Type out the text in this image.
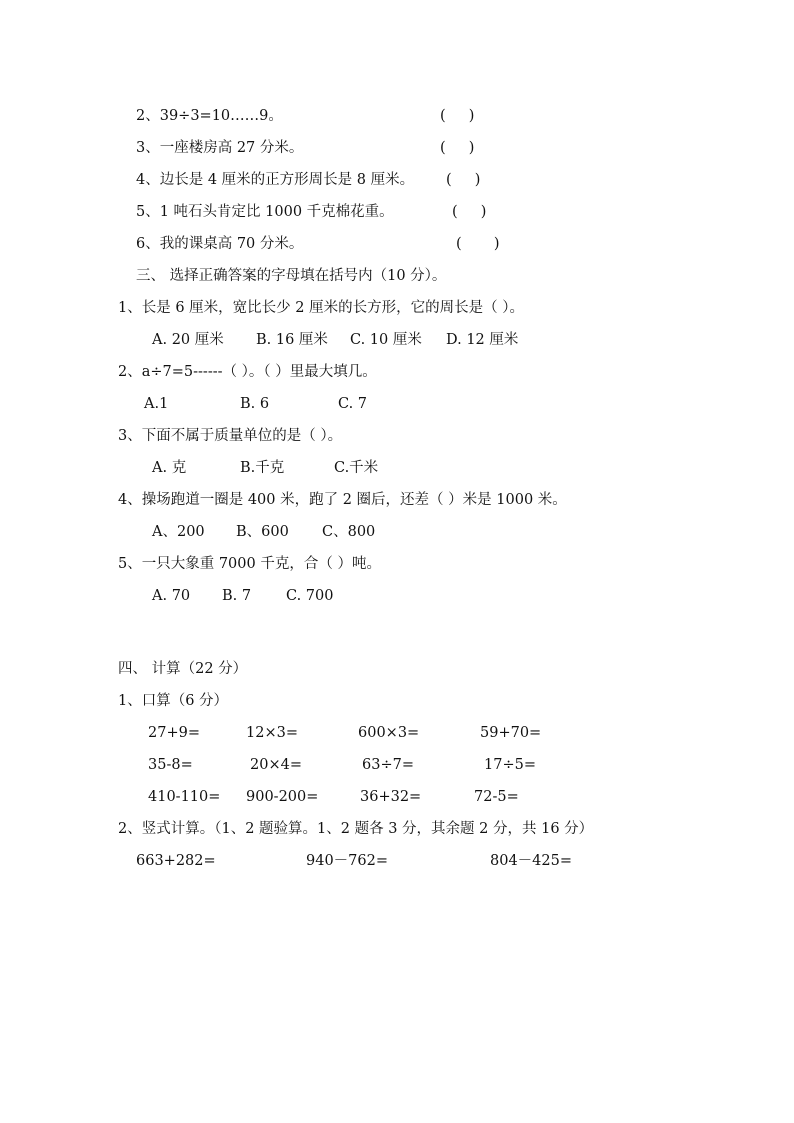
2、39÷3=10……9。	(     )
3、一座楼房高 27 分米。	(     )
4、边长是 4 厘米的正方形周长是 8 厘米。 (     )
5、1 吨石头肯定比 1000 千克棉花重。	(     )
6、我的课桌高 70 分米。	(       )
三、 选择正确答案的字母填在括号内（10 分）。
1、长是 6 厘米，宽比长少 2 厘米的长方形，它的周长是（ ）。
A. 20 厘米 B. 16 厘米 C. 10 厘米 D. 12 厘米
2、a÷7=5------（ ）。（ ）里最大填几。
A.1	B. 6	C. 7
3、下面不属于质量单位的是（ ）。
A. 克	B.千克	C.千米
4、操场跑道一圈是 400 米，跑了 2 圈后，还差（ ）米是 1000 米。
A、200 B、600 C、800
5、一只大象重 7000 千克，合（ ）吨。
A. 70 B. 7 C. 700
四、 计算（22 分）
1、口算（6 分）
27+9=	12×3=	600×3=	59+70=
35-8=	20×4=	63÷7=	17÷5=
410-110= 900-200=	36+32=	72-5=
2、竖式计算。（1、2 题验算。1、2 题各 3 分，其余题 2 分，共 16 分）
663+282=	940－762=	804－425=
